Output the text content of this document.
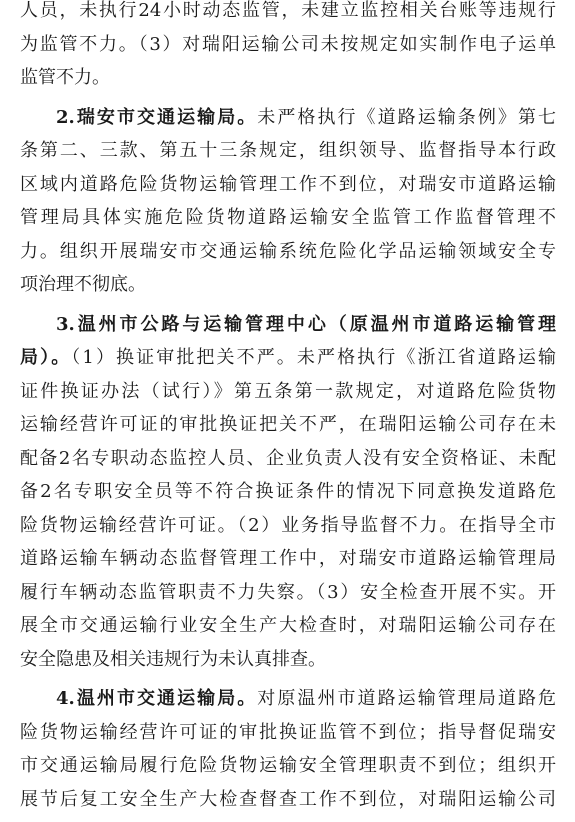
人员，未执行24小时动态监管，未建立监控相关台账等违规行
为监管不力。（3）对瑞阳运输公司未按规定如实制作电子运单
监管不力。
2.瑞安市交通运输局。未严格执行《道路运输条例》第七
条第二、三款、第五十三条规定，组织领导、监督指导本行政
区域内道路危险货物运输管理工作不到位，对瑞安市道路运输
管理局具体实施危险货物道路运输安全监管工作监督管理不
力。组织开展瑞安市交通运输系统危险化学品运输领域安全专
项治理不彻底。
3.温州市公路与运输管理中心（原温州市道路运输管理
局）。（1）换证审批把关不严。未严格执行《浙江省道路运输
证件换证办法（试行）》第五条第一款规定，对道路危险货物
运输经营许可证的审批换证把关不严，在瑞阳运输公司存在未
配备2名专职动态监控人员、企业负责人没有安全资格证、未配
备2名专职安全员等不符合换证条件的情况下同意换发道路危
险货物运输经营许可证。（2）业务指导监督不力。在指导全市
道路运输车辆动态监督管理工作中，对瑞安市道路运输管理局
履行车辆动态监管职责不力失察。（3）安全检查开展不实。开
展全市交通运输行业安全生产大检查时，对瑞阳运输公司存在
安全隐患及相关违规行为未认真排查。
4.温州市交通运输局。对原温州市道路运输管理局道路危
险货物运输经营许可证的审批换证监管不到位；指导督促瑞安
市交通运输局履行危险货物运输安全管理职责不到位；组织开
展节后复工安全生产大检查督查工作不到位，对瑞阳运输公司
